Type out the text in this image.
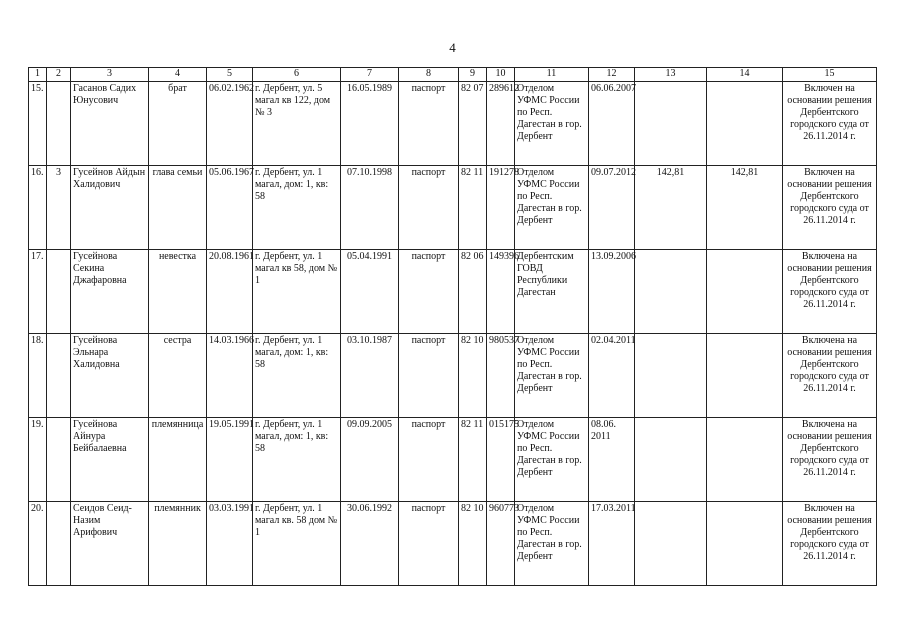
4
1	2	3	4	5	6	7	8	9	10	11	12	13	14	15
15.		Гасанов Садих Юнусович	брат	06.02.1962	г. Дербент, ул. 5 магал кв 122, дом № 3	16.05.1989	паспорт	82 07	289612	Отделом УФМС России по Респ. Дагестан в гор. Дербент	06.06.2007			Включен на основании решения Дербентского городского суда от 26.11.2014 г.
16.	3	Гусейнов Айдын Халидович	глава семьи	05.06.1967	г. Дербент, ул. 1 магал, дом: 1, кв: 58	07.10.1998	паспорт	82 11	191278	Отделом УФМС России по Респ. Дагестан в гор. Дербент	09.07.2012	142,81	142,81	Включен на основании решения Дербентского городского суда от 26.11.2014 г.
17.		Гусейнова Секина Джафаровна	невестка	20.08.1961	г. Дербент, ул. 1 магал кв 58, дом № 1	05.04.1991	паспорт	82 06	149396	Дербентским ГОВД Республики Дагестан	13.09.2006			Включена на основании решения Дербентского городского суда от 26.11.2014 г.
18.		Гусейнова Эльнара Халидовна	сестра	14.03.1966	г. Дербент, ул. 1 магал, дом: 1, кв: 58	03.10.1987	паспорт	82 10	980537	Отделом УФМС России по Респ. Дагестан в гор. Дербент	02.04.2011			Включена на основании решения Дербентского городского суда от 26.11.2014 г.
19.		Гусейнова Айнура Бейбалаевна	племянница	19.05.1991	г. Дербент, ул. 1 магал, дом: 1, кв: 58	09.09.2005	паспорт	82 11	015175	Отделом УФМС России по Респ. Дагестан в гор. Дербент	08.06. 2011			Включена на основании решения Дербентского городского суда от 26.11.2014 г.
20.		Сеидов Сеид-Назим Арифович	племянник	03.03.1991	г. Дербент, ул. 1 магал кв. 58 дом № 1	30.06.1992	паспорт	82 10	960773	Отделом УФМС России по Респ. Дагестан в гор. Дербент	17.03.2011			Включен на основании решения Дербентского городского суда от 26.11.2014 г.
